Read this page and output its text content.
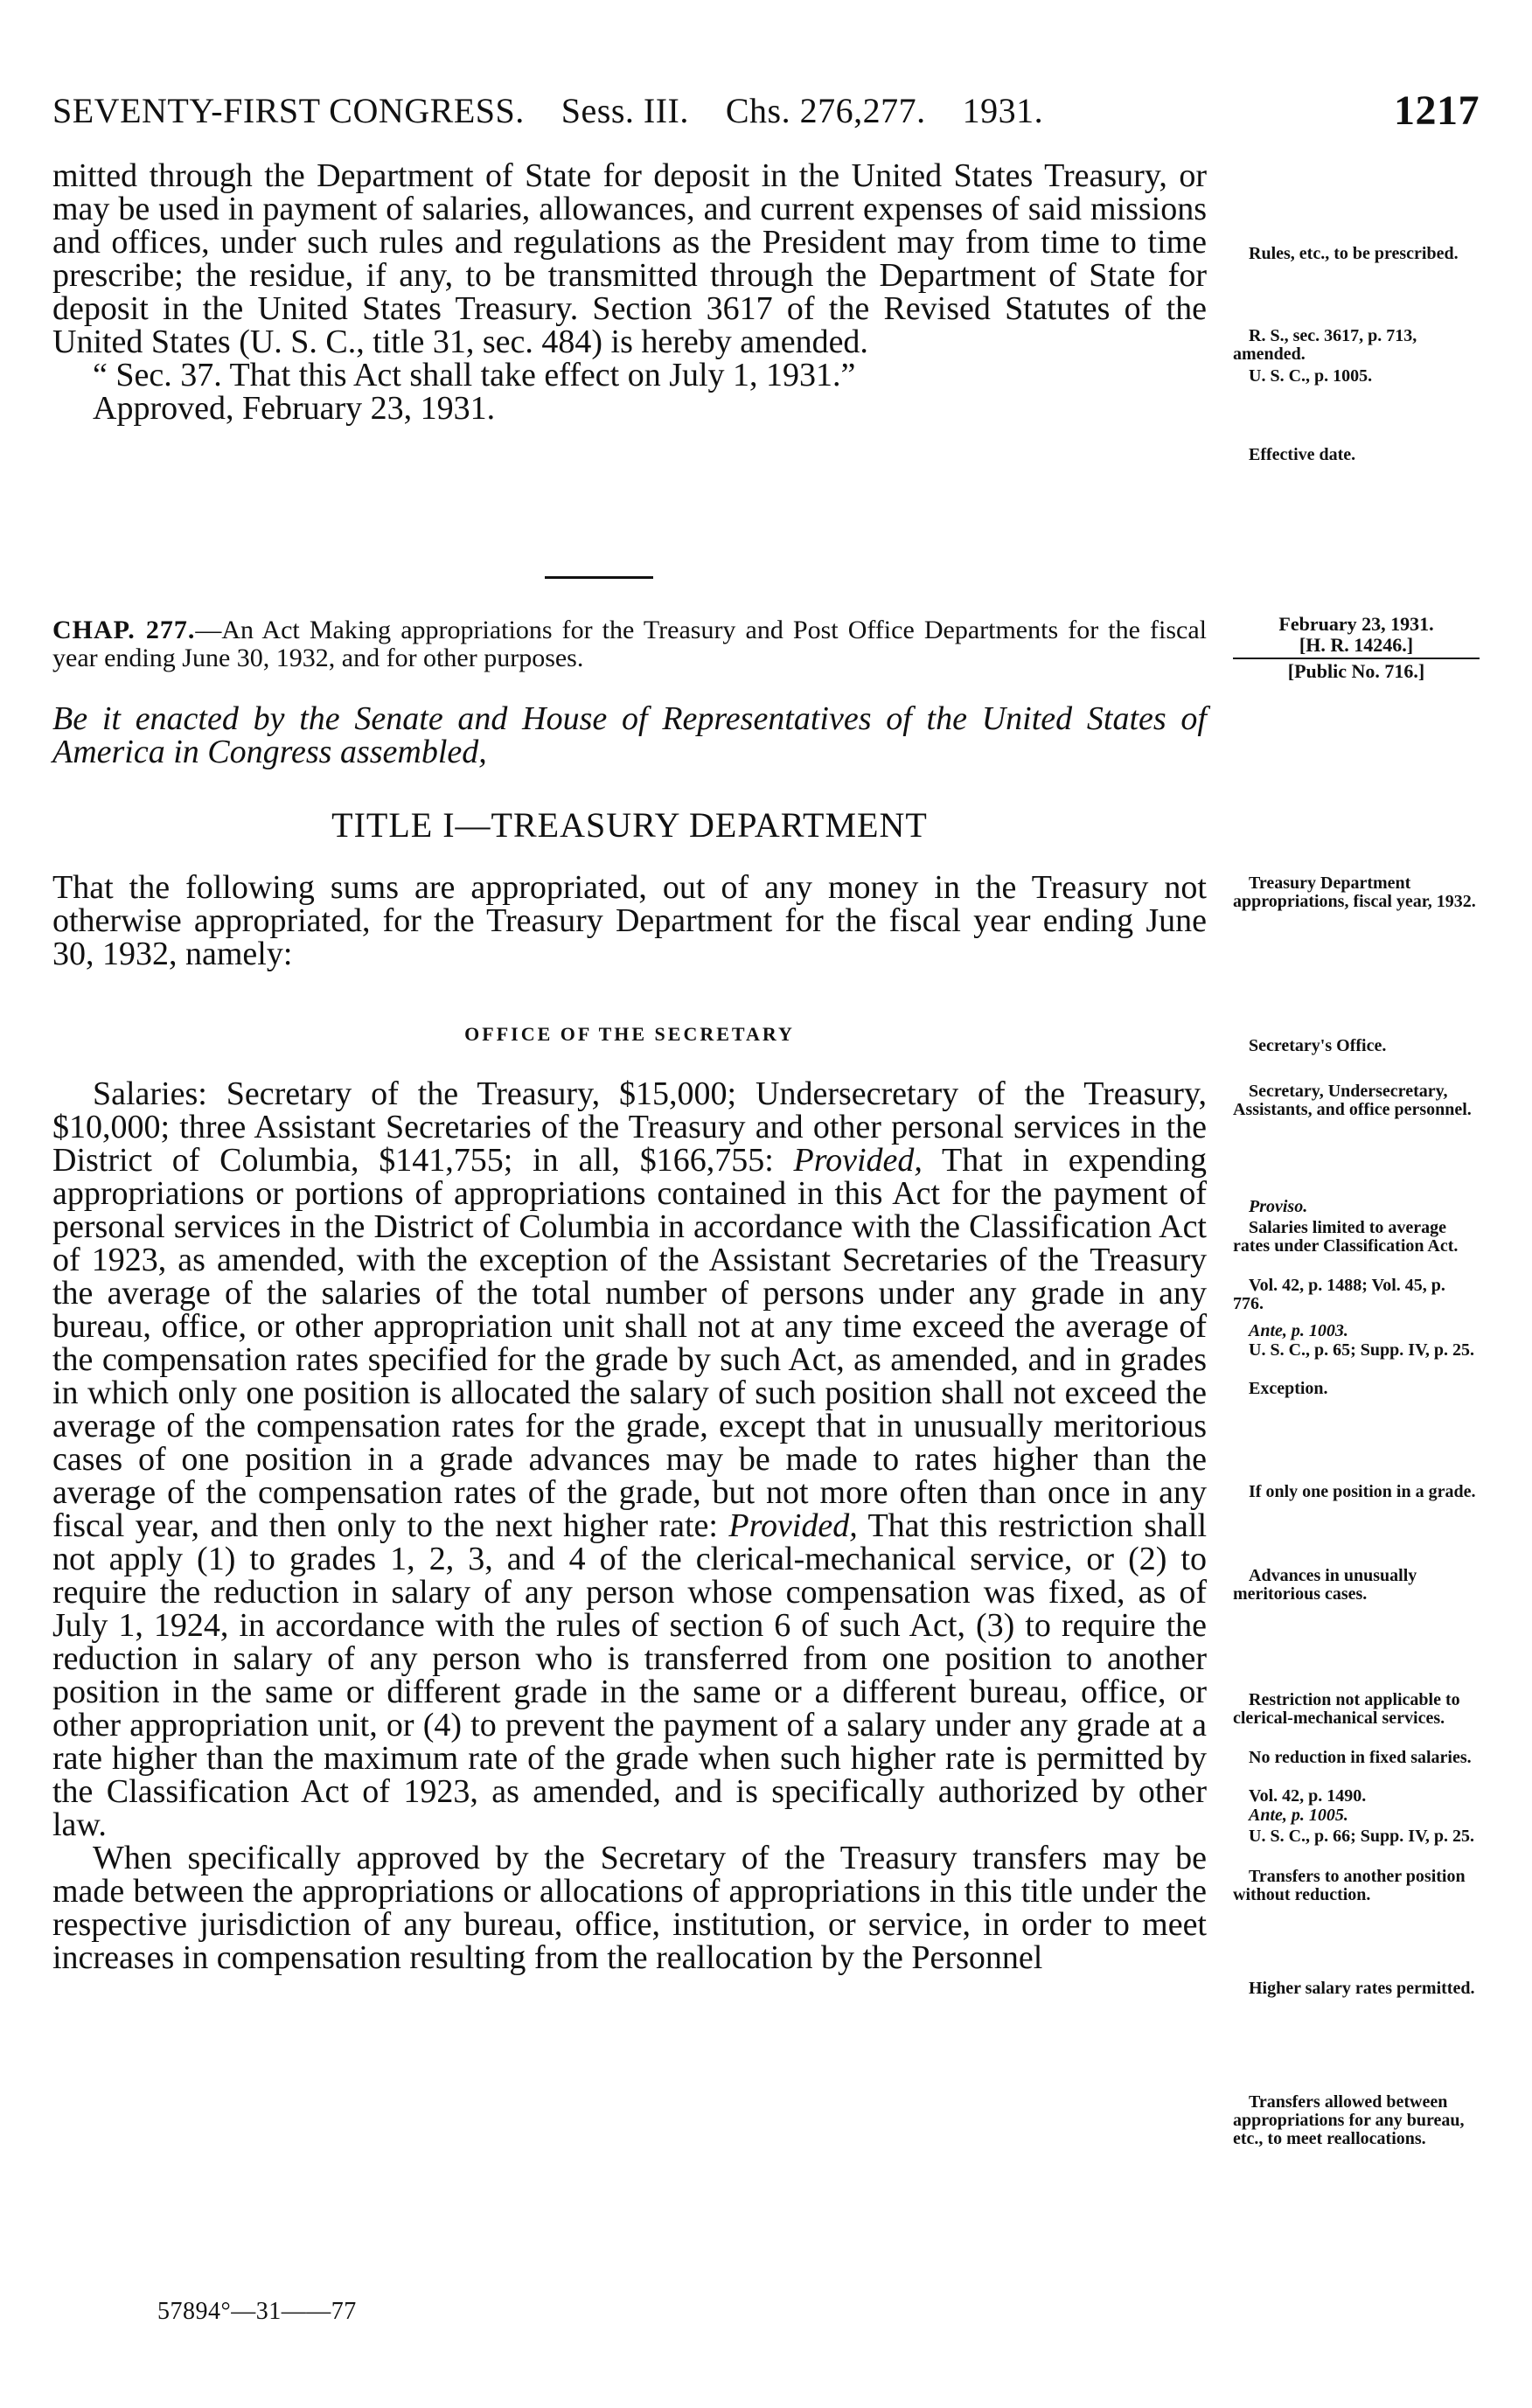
SEVENTY-FIRST CONGRESS. Sess. III. Chs. 276,277. 1931.	1217

mitted through the Department of State for deposit in the United States Treasury, or may be used in payment of salaries, allowances, and current expenses of said missions and offices, under such rules and regulations as the President may from time to time prescribe; the residue, if any, to be transmitted through the Department of State for deposit in the United States Treasury. Section 3617 of the Revised Statutes of the United States (U. S. C., title 31, sec. 484) is hereby amended.

“ Sec. 37. That this Act shall take effect on July 1, 1931.”

Approved, February 23, 1931.

CHAP. 277.—An Act Making appropriations for the Treasury and Post Office Departments for the fiscal year ending June 30, 1932, and for other purposes.
Be it enacted by the Senate and House of Representatives of the United States of America in Congress assembled,
TITLE I—TREASURY DEPARTMENT

That the following sums are appropriated, out of any money in the Treasury not otherwise appropriated, for the Treasury Department for the fiscal year ending June 30, 1932, namely:

OFFICE OF THE SECRETARY

Salaries: Secretary of the Treasury, $15,000; Undersecretary of the Treasury, $10,000; three Assistant Secretaries of the Treasury and other personal services in the District of Columbia, $141,755; in all, $166,755: Provided, That in expending appropriations or portions of appropriations contained in this Act for the payment of personal services in the District of Columbia in accordance with the Classification Act of 1923, as amended, with the exception of the Assistant Secretaries of the Treasury the average of the salaries of the total number of persons under any grade in any bureau, office, or other appropriation unit shall not at any time exceed the average of the compensation rates specified for the grade by such Act, as amended, and in grades in which only one position is allocated the salary of such position shall not exceed the average of the compensation rates for the grade, except that in unusually meritorious cases of one position in a grade advances may be made to rates higher than the average of the compensation rates of the grade, but not more often than once in any fiscal year, and then only to the next higher rate: Provided, That this restriction shall not apply (1) to grades 1, 2, 3, and 4 of the clerical-mechanical service, or (2) to require the reduction in salary of any person whose compensation was fixed, as of July 1, 1924, in accordance with the rules of section 6 of such Act, (3) to require the reduction in salary of any person who is transferred from one position to another position in the same or different grade in the same or a different bureau, office, or other appropriation unit, or (4) to prevent the payment of a salary under any grade at a rate higher than the maximum rate of the grade when such higher rate is permitted by the Classification Act of 1923, as amended, and is specifically authorized by other law.

When specifically approved by the Secretary of the Treasury transfers may be made between the appropriations or allocations of appropriations in this title under the respective jurisdiction of any bureau, office, institution, or service, in order to meet increases in compensation resulting from the reallocation by the Personnel

57894°—31——77
Rules, etc., to be prescribed.
R. S., sec. 3617, p. 713, amended.
U. S. C., p. 1005.
Effective date.
February 23, 1931.
[H. R. 14246.]
[Public No. 716.]
Treasury Department appropriations, fiscal year, 1932.
Secretary's Office.
Secretary, Undersecretary, Assistants, and office personnel.
Proviso.
Salaries limited to average rates under Classification Act.
Vol. 42, p. 1488; Vol. 45, p. 776.
Ante, p. 1003.
U. S. C., p. 65; Supp. IV, p. 25.
Exception.
If only one position in a grade.
Advances in unusually meritorious cases.
Restriction not applicable to clerical-mechanical services.
No reduction in fixed salaries.
Vol. 42, p. 1490.
Ante, p. 1005.
U. S. C., p. 66; Supp. IV, p. 25.
Transfers to another position without reduction.
Higher salary rates permitted.
Transfers allowed between appropriations for any bureau, etc., to meet reallocations.
